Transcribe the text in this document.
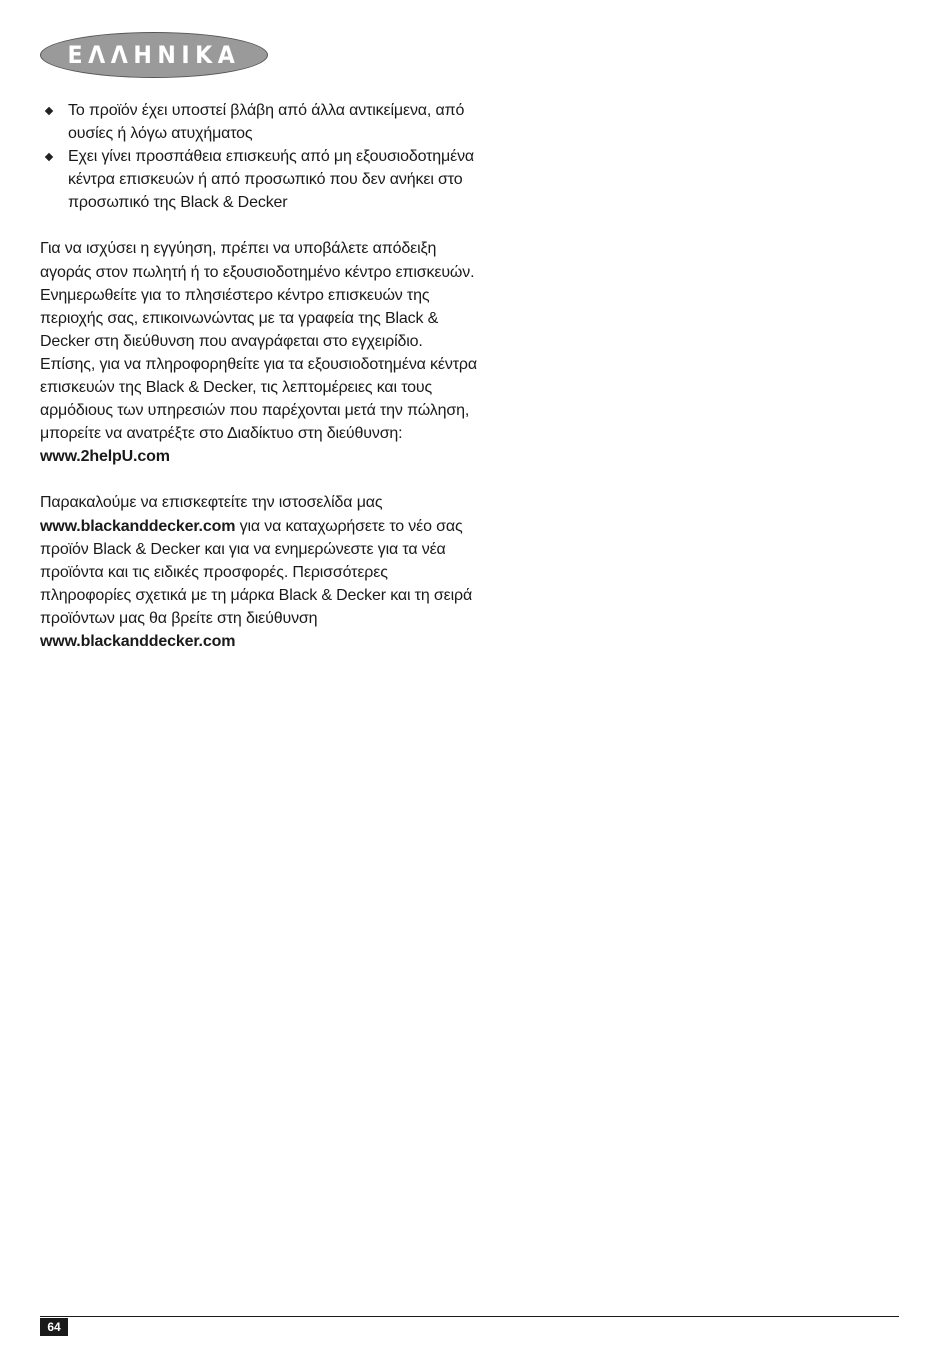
ΕΛΛΗΝΙΚΑ
Το προϊόν έχει υποστεί βλάβη από άλλα αντικείμενα, από ουσίες ή λόγω ατυχήματος
Εχει γίνει προσπάθεια επισκευής από μη εξουσιοδοτημένα κέντρα επισκευών ή από προσωπικό που δεν ανήκει στο προσωπικό της Black & Decker

Για να ισχύσει η εγγύηση, πρέπει να υποβάλετε απόδειξη αγοράς στον πωλητή ή το εξουσιοδοτημένο κέντρο επισκευών. Ενημερωθείτε για το πλησιέστερο κέντρο επισκευών της περιοχής σας, επικοινωνώντας με τα γραφεία της Black & Decker στη διεύθυνση που αναγράφεται στο εγχειρίδιο. Επίσης, για να πληροφορηθείτε για τα εξουσιοδοτημένα κέντρα επισκευών της Black & Decker, τις λεπτομέρειες και τους αρμόδιους των υπηρεσιών που παρέχονται μετά την πώληση, μπορείτε να ανατρέξτε στο Διαδίκτυο στη διεύθυνση: www.2helpU.com

Παρακαλούμε να επισκεφτείτε την ιστοσελίδα μας www.blackanddecker.com για να καταχωρήσετε το νέο σας προϊόν Black & Decker και για να ενημερώνεστε για τα νέα προϊόντα και τις ειδικές προσφορές. Περισσότερες πληροφορίες σχετικά με τη μάρκα Black & Decker και τη σειρά προϊόντων μας θα βρείτε στη διεύθυνση
www.blackanddecker.com

64
